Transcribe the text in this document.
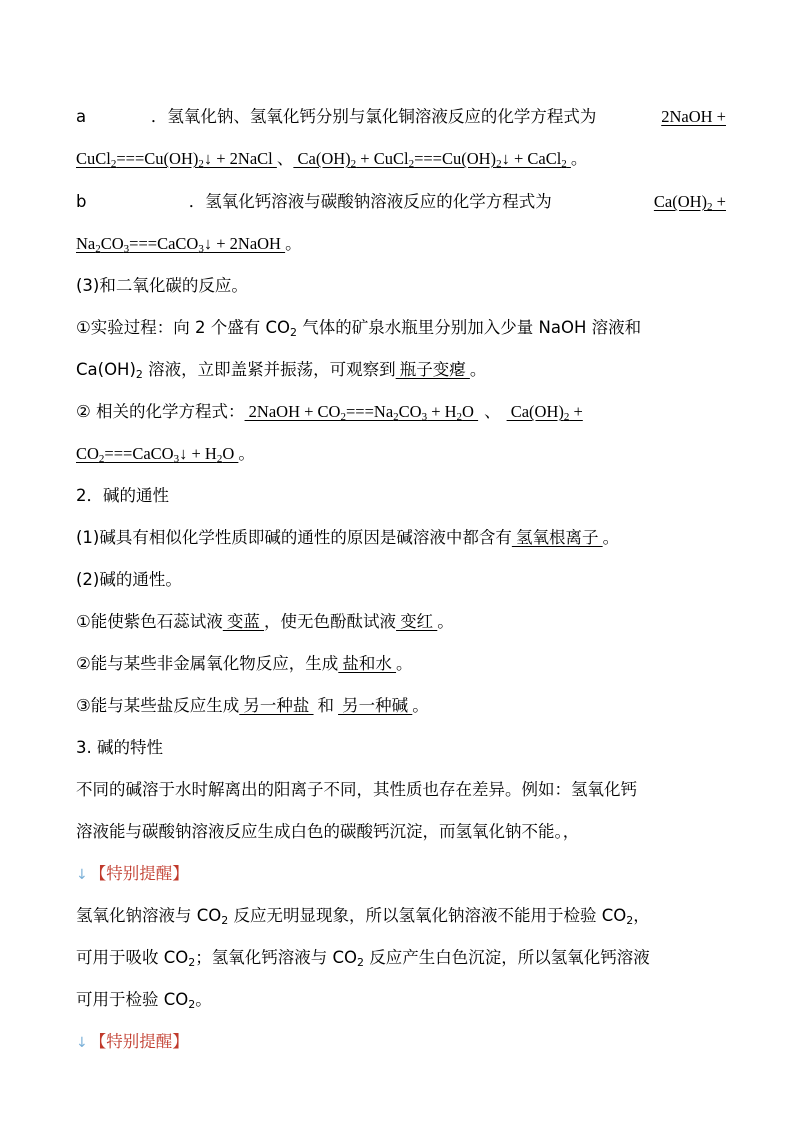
a	．氢氧化钠、氢氧化钙分别与氯化铜溶液反应的化学方程式为	2NaOH +
$CuCl_2===Cu(OH)_2↓$ + 2NaCl 、 $Ca(OH)_2$ + $CuCl_2===Cu(OH)_2↓$ + CaCl$_2$ 。
b	．氢氧化钙溶液与碳酸钠溶液反应的化学方程式为	$Ca(OH)_2$ +
$Na_2CO_3===CaCO_3↓$ + 2NaOH 。
(3)和二氧化碳的反应。
①实验过程：向 2 个盛有 $CO_2$ 气体的矿泉水瓶里分别加入少量 NaOH 溶液和
$Ca(OH)_2$ 溶液，立即盖紧并振荡，可观察到 瓶子变瘪 。
② 相关的化学方程式： 2NaOH + $CO_2===Na_2CO_3 + H_2O$ 、 $Ca(OH)_2$ +
$CO_2===CaCO_3↓ + H_2O$ 。
2．碱的通性
(1)碱具有相似化学性质即碱的通性的原因是碱溶液中都含有 氢氧根离子 。
(2)碱的通性。
①能使紫色石蕊试液 变蓝 ，使无色酚酞试液 变红 。
②能与某些非金属氧化物反应，生成 盐和水 。
③能与某些盐反应生成 另一种盐 和 另一种碱 。
3. 碱的特性
不同的碱溶于水时解离出的阳离子不同，其性质也存在差异。例如：氢氧化钙
溶液能与碳酸钠溶液反应生成白色的碳酸钙沉淀，而氢氧化钠不能。，
↓ 【特别提醒】
氢氧化钠溶液与 $CO_2$ 反应无明显现象，所以氢氧化钠溶液不能用于检验 $CO_2$，
可用于吸收 $CO_2$；氢氧化钙溶液与 $CO_2$ 反应产生白色沉淀，所以氢氧化钙溶液
可用于检验 $CO_2$。
↓ 【特别提醒】
